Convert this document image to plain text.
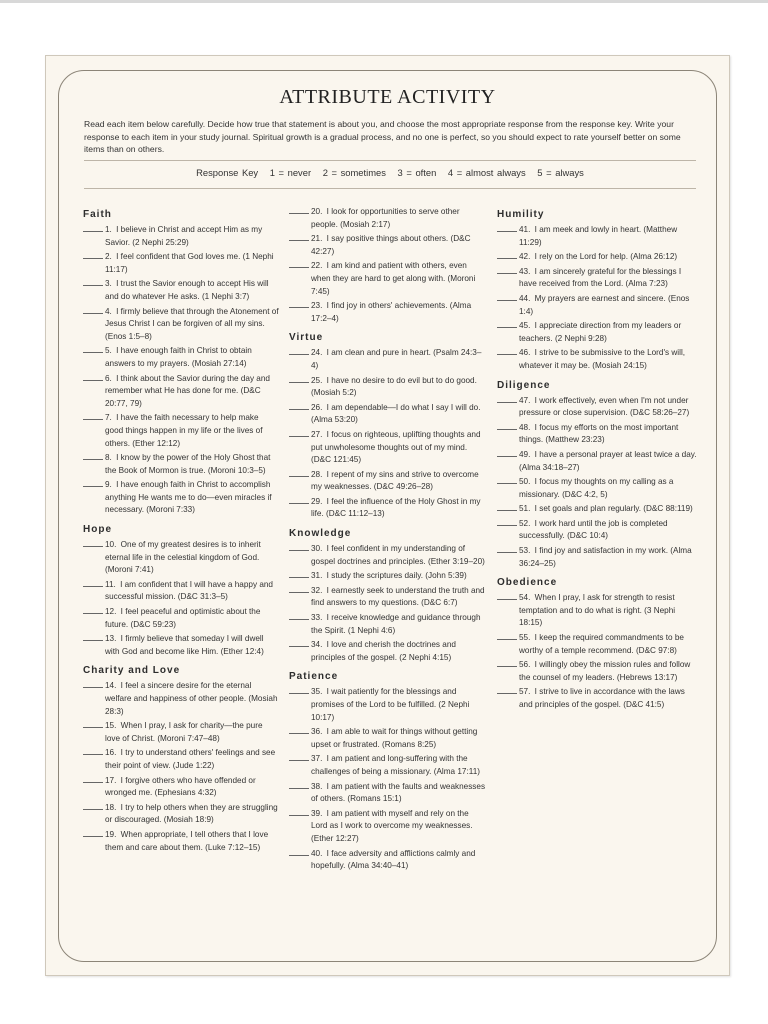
ATTRIBUTE ACTIVITY
Read each item below carefully. Decide how true that statement is about you, and choose the most appropriate response from the response key. Write your response to each item in your study journal. Spiritual growth is a gradual process, and no one is perfect, so you should expect to rate yourself better on some items than on others.
Response Key 1 = never 2 = sometimes 3 = often 4 = almost always 5 = always
Faith
1. I believe in Christ and accept Him as my Savior. (2 Nephi 25:29)
2. I feel confident that God loves me. (1 Nephi 11:17)
3. I trust the Savior enough to accept His will and do whatever He asks. (1 Nephi 3:7)
4. I firmly believe that through the Atonement of Jesus Christ I can be forgiven of all my sins. (Enos 1:5–8)
5. I have enough faith in Christ to obtain answers to my prayers. (Mosiah 27:14)
6. I think about the Savior during the day and remember what He has done for me. (D&C 20:77, 79)
7. I have the faith necessary to help make good things happen in my life or the lives of others. (Ether 12:12)
8. I know by the power of the Holy Ghost that the Book of Mormon is true. (Moroni 10:3–5)
9. I have enough faith in Christ to accomplish anything He wants me to do—even miracles if necessary. (Moroni 7:33)
Hope
10. One of my greatest desires is to inherit eternal life in the celestial kingdom of God. (Moroni 7:41)
11. I am confident that I will have a happy and successful mission. (D&C 31:3–5)
12. I feel peaceful and optimistic about the future. (D&C 59:23)
13. I firmly believe that someday I will dwell with God and become like Him. (Ether 12:4)
Charity and Love
14. I feel a sincere desire for the eternal welfare and happiness of other people. (Mosiah 28:3)
15. When I pray, I ask for charity—the pure love of Christ. (Moroni 7:47–48)
16. I try to understand others' feelings and see their point of view. (Jude 1:22)
17. I forgive others who have offended or wronged me. (Ephesians 4:32)
18. I try to help others when they are struggling or discouraged. (Mosiah 18:9)
19. When appropriate, I tell others that I love them and care about them. (Luke 7:12–15)
20. I look for opportunities to serve other people. (Mosiah 2:17)
21. I say positive things about others. (D&C 42:27)
22. I am kind and patient with others, even when they are hard to get along with. (Moroni 7:45)
23. I find joy in others' achievements. (Alma 17:2–4)
Virtue
24. I am clean and pure in heart. (Psalm 24:3–4)
25. I have no desire to do evil but to do good. (Mosiah 5:2)
26. I am dependable—I do what I say I will do. (Alma 53:20)
27. I focus on righteous, uplifting thoughts and put unwholesome thoughts out of my mind. (D&C 121:45)
28. I repent of my sins and strive to overcome my weaknesses. (D&C 49:26–28)
29. I feel the influence of the Holy Ghost in my life. (D&C 11:12–13)
Knowledge
30. I feel confident in my understanding of gospel doctrines and principles. (Ether 3:19–20)
31. I study the scriptures daily. (John 5:39)
32. I earnestly seek to understand the truth and find answers to my questions. (D&C 6:7)
33. I receive knowledge and guidance through the Spirit. (1 Nephi 4:6)
34. I love and cherish the doctrines and principles of the gospel. (2 Nephi 4:15)
Patience
35. I wait patiently for the blessings and promises of the Lord to be fulfilled. (2 Nephi 10:17)
36. I am able to wait for things without getting upset or frustrated. (Romans 8:25)
37. I am patient and long-suffering with the challenges of being a missionary. (Alma 17:11)
38. I am patient with the faults and weaknesses of others. (Romans 15:1)
39. I am patient with myself and rely on the Lord as I work to overcome my weaknesses. (Ether 12:27)
40. I face adversity and afflictions calmly and hopefully. (Alma 34:40–41)
Humility
41. I am meek and lowly in heart. (Matthew 11:29)
42. I rely on the Lord for help. (Alma 26:12)
43. I am sincerely grateful for the blessings I have received from the Lord. (Alma 7:23)
44. My prayers are earnest and sincere. (Enos 1:4)
45. I appreciate direction from my leaders or teachers. (2 Nephi 9:28)
46. I strive to be submissive to the Lord's will, whatever it may be. (Mosiah 24:15)
Diligence
47. I work effectively, even when I'm not under pressure or close supervision. (D&C 58:26–27)
48. I focus my efforts on the most important things. (Matthew 23:23)
49. I have a personal prayer at least twice a day. (Alma 34:18–27)
50. I focus my thoughts on my calling as a missionary. (D&C 4:2, 5)
51. I set goals and plan regularly. (D&C 88:119)
52. I work hard until the job is completed successfully. (D&C 10:4)
53. I find joy and satisfaction in my work. (Alma 36:24–25)
Obedience
54. When I pray, I ask for strength to resist temptation and to do what is right. (3 Nephi 18:15)
55. I keep the required commandments to be worthy of a temple recommend. (D&C 97:8)
56. I willingly obey the mission rules and follow the counsel of my leaders. (Hebrews 13:17)
57. I strive to live in accordance with the laws and principles of the gospel. (D&C 41:5)
